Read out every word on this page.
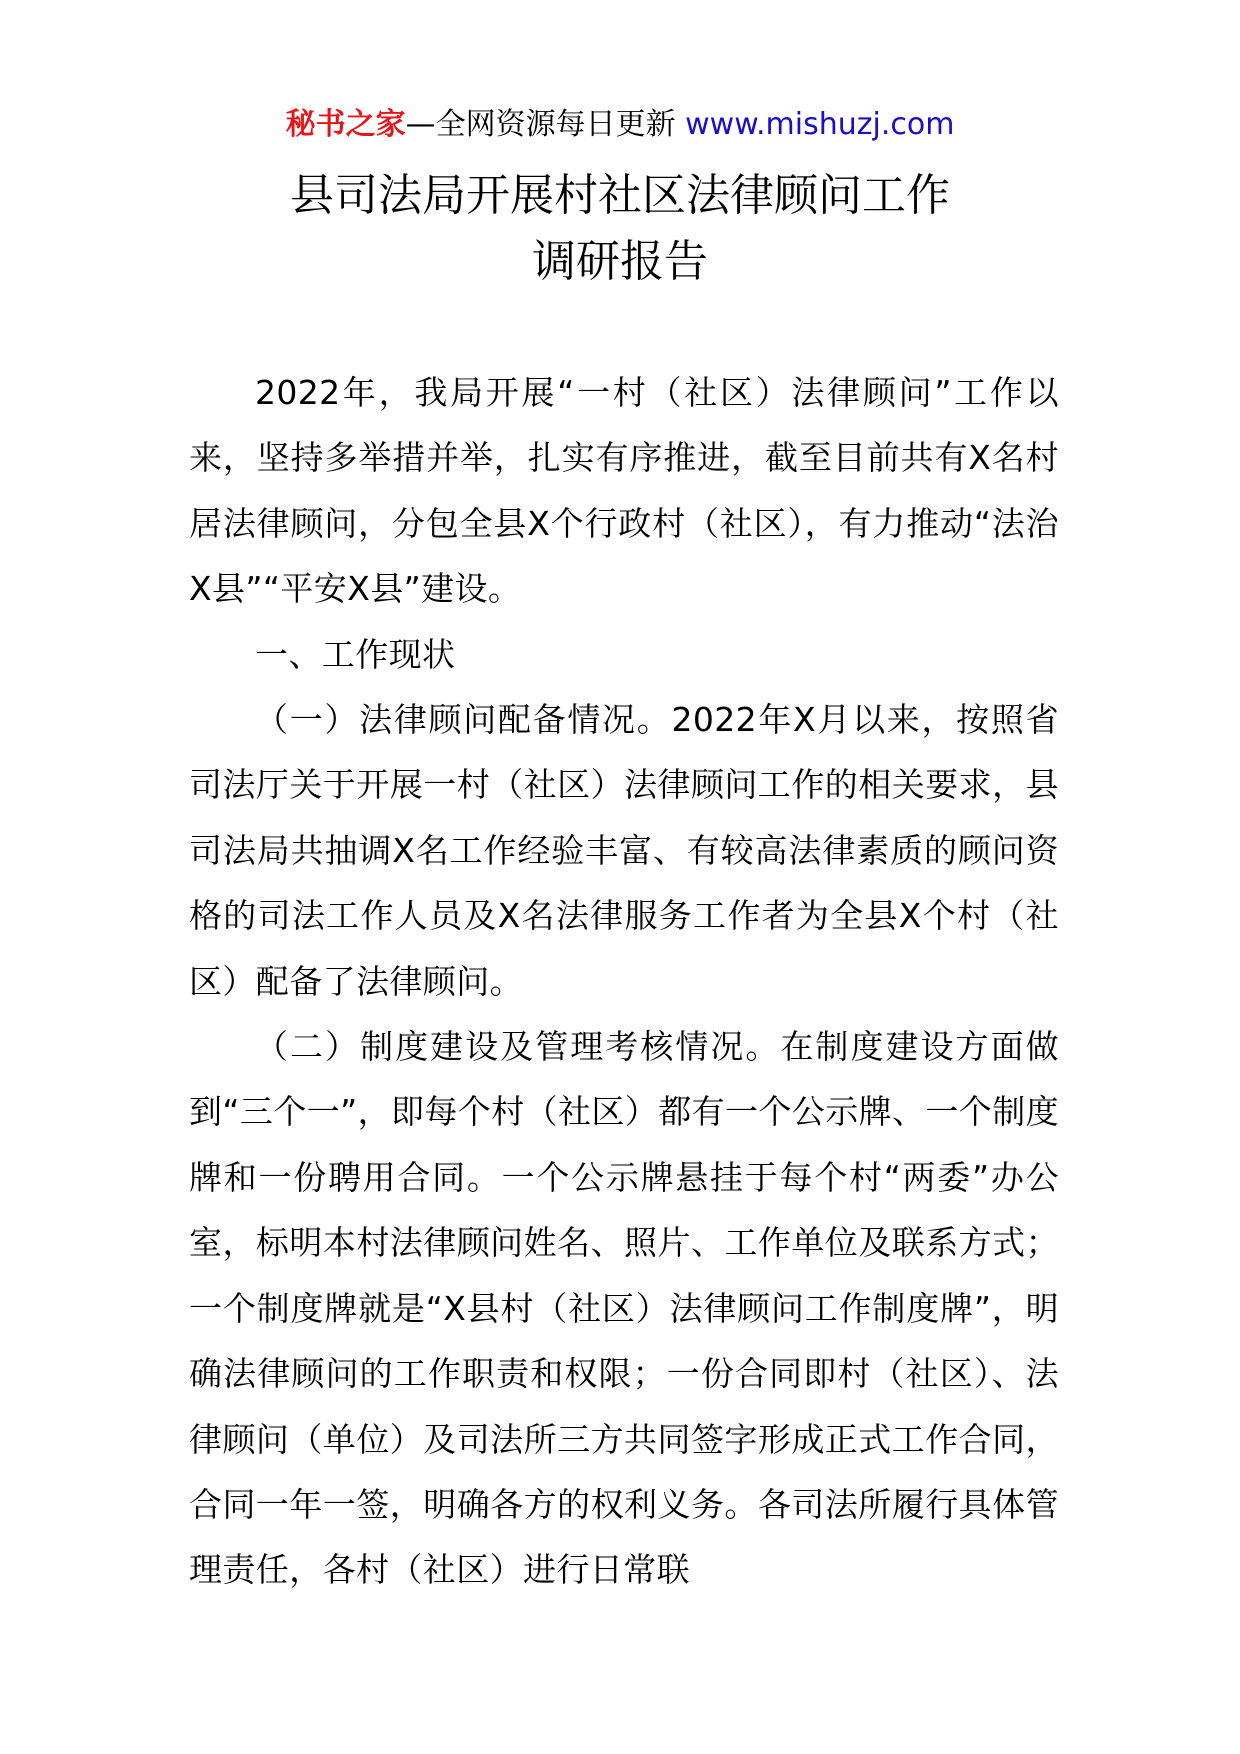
秘书之家—全网资源每日更新 www.mishuzj.com
县司法局开展村社区法律顾问工作
调研报告

2022年，我局开展“一村（社区）法律顾问”工作以来，坚持多举措并举，扎实有序推进，截至目前共有X名村居法律顾问，分包全县X个行政村（社区），有力推动“法治X县”“平安X县”建设。

一、工作现状

（一）法律顾问配备情况。2022年X月以来，按照省司法厅关于开展一村（社区）法律顾问工作的相关要求，县司法局共抽调X名工作经验丰富、有较高法律素质的顾问资格的司法工作人员及X名法律服务工作者为全县X个村（社区）配备了法律顾问。

（二）制度建设及管理考核情况。在制度建设方面做到“三个一”，即每个村（社区）都有一个公示牌、一个制度牌和一份聘用合同。一个公示牌悬挂于每个村“两委”办公室，标明本村法律顾问姓名、照片、工作单位及联系方式；一个制度牌就是“X县村（社区）法律顾问工作制度牌”，明确法律顾问的工作职责和权限；一份合同即村（社区）、法律顾问（单位）及司法所三方共同签字形成正式工作合同，合同一年一签，明确各方的权利义务。各司法所履行具体管理责任，各村（社区）进行日常联
